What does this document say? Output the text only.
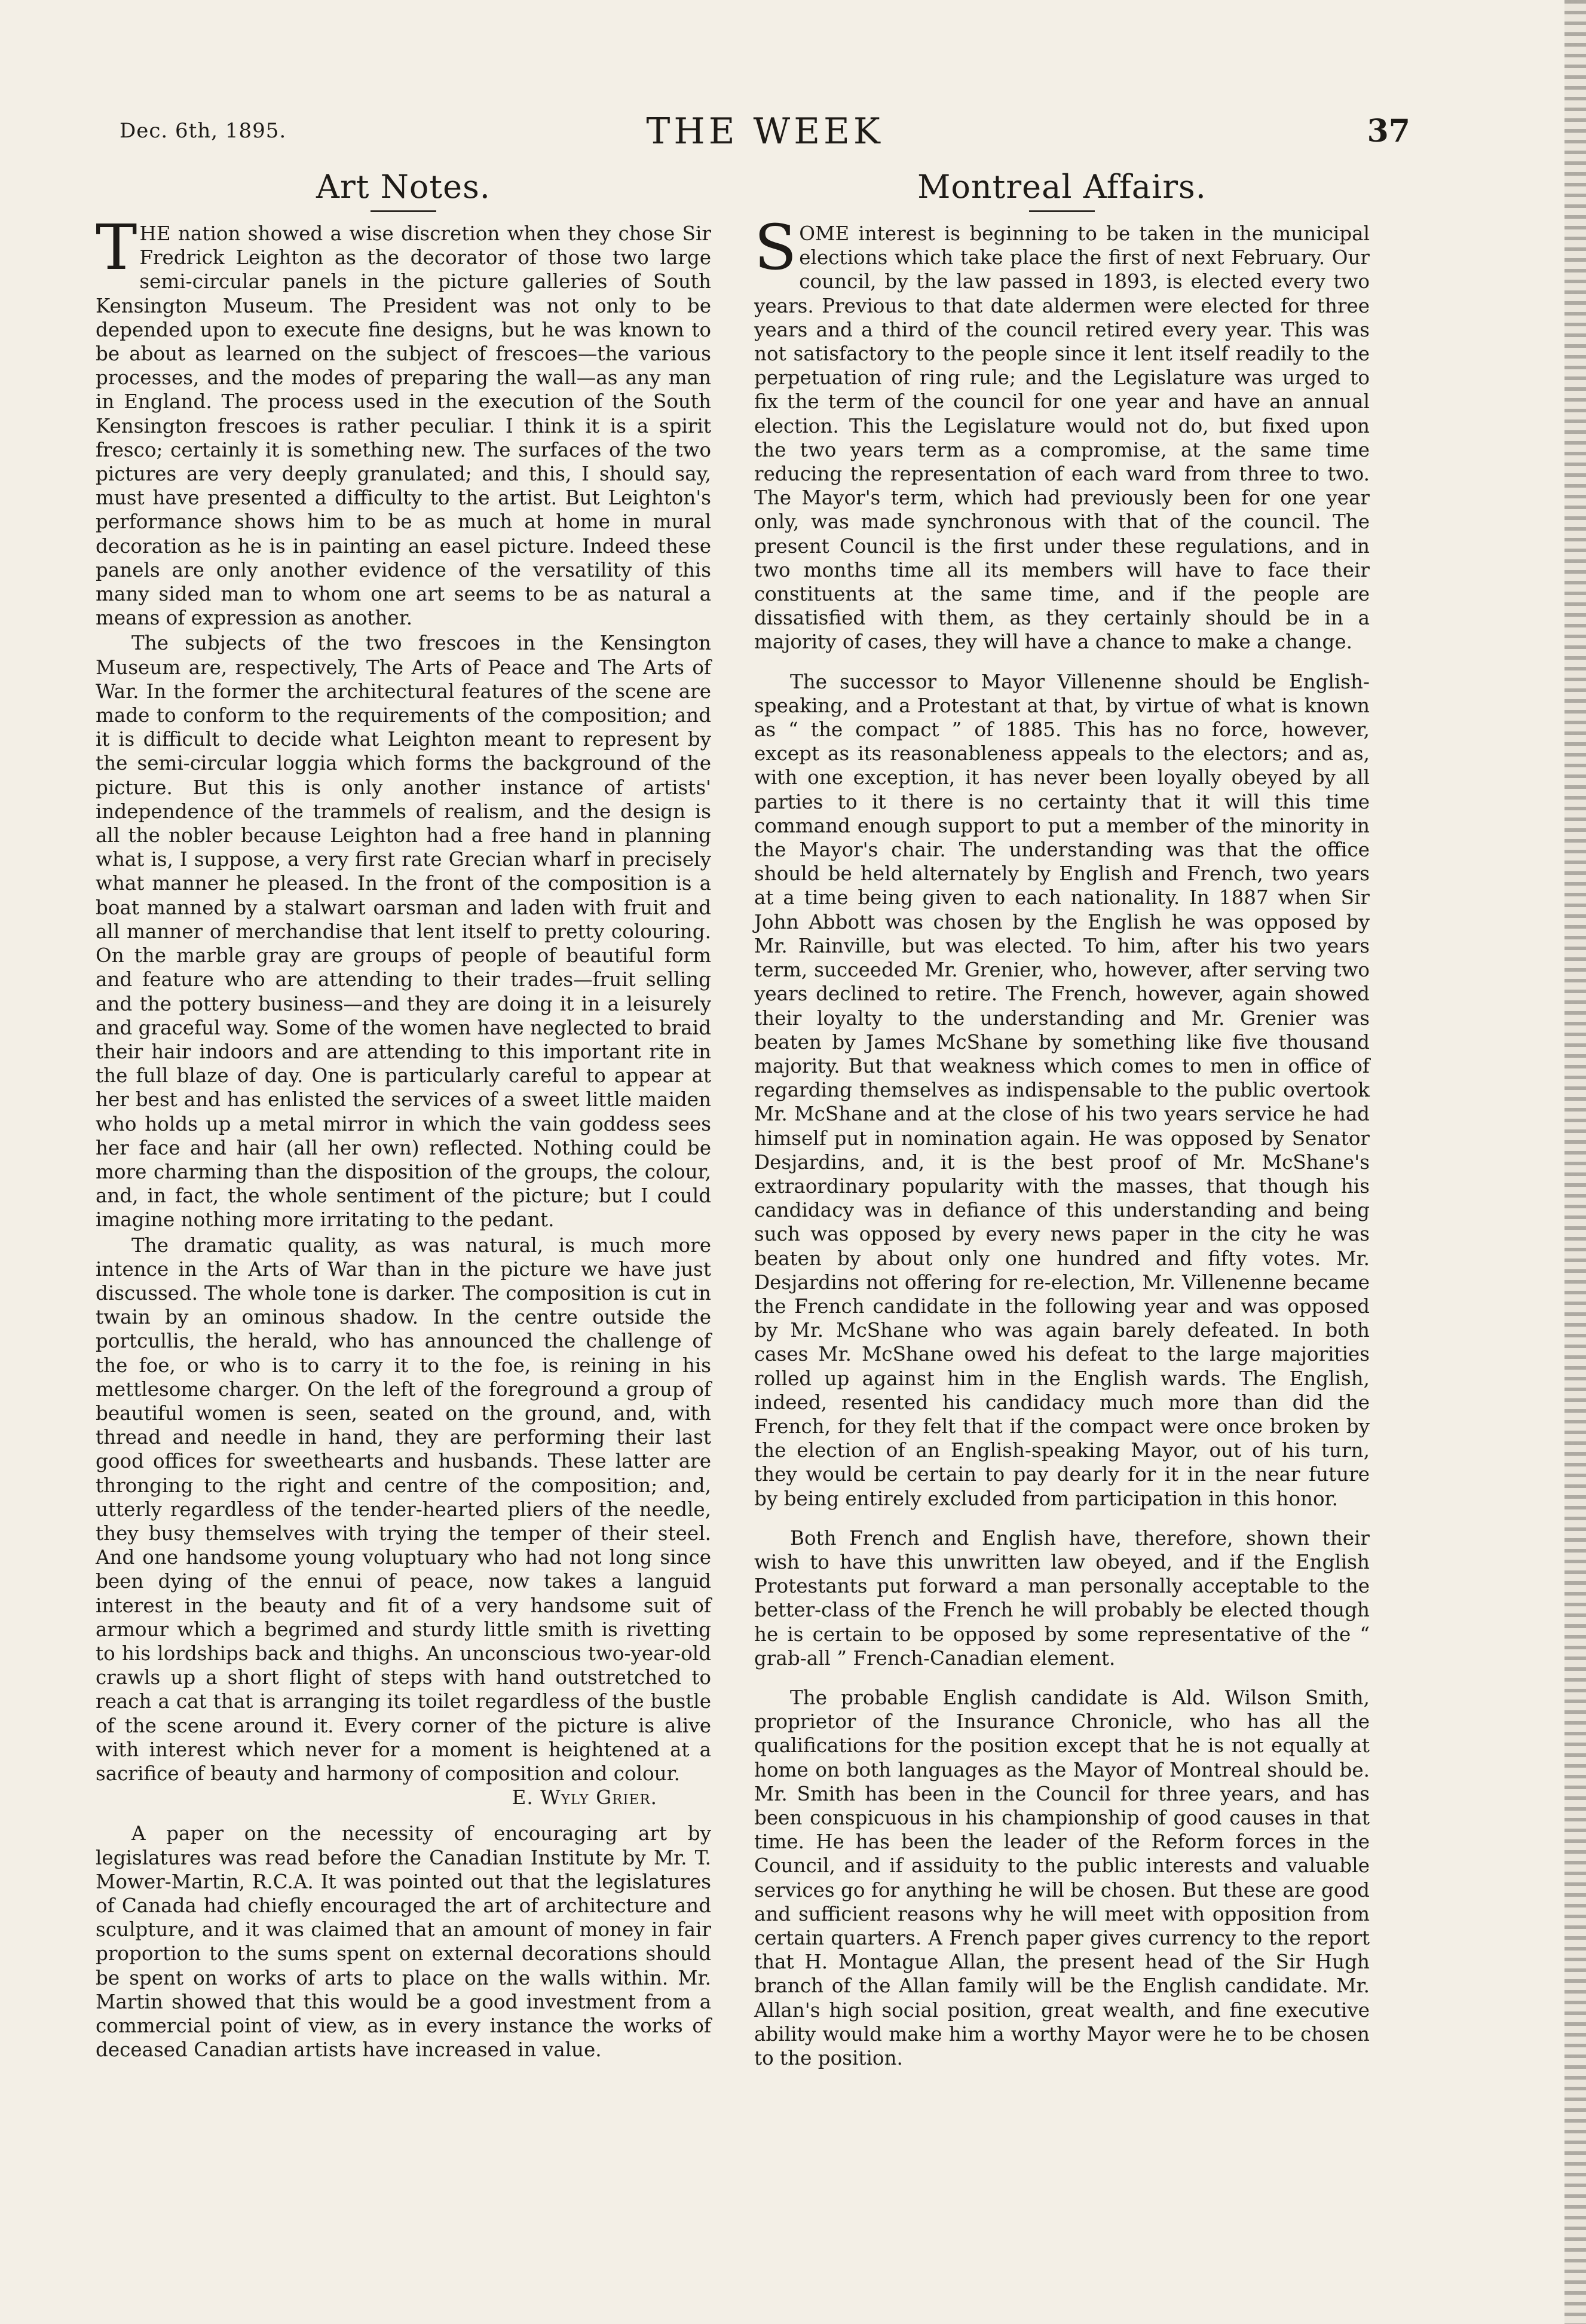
Dec. 6th, 1895.	THE WEEK	37
Art Notes.

THE nation showed a wise discretion when they chose Sir Fredrick Leighton as the decorator of those two large semi-circular panels in the picture galleries of South Kensington Museum. The President was not only to be depended upon to execute fine designs, but he was known to be about as learned on the subject of frescoes—the various processes, and the modes of preparing the wall—as any man in England. The process used in the execution of the South Kensington frescoes is rather peculiar. I think it is a spirit fresco; certainly it is something new. The surfaces of the two pictures are very deeply granulated; and this, I should say, must have presented a difficulty to the artist. But Leighton's performance shows him to be as much at home in mural decoration as he is in painting an easel picture. Indeed these panels are only another evidence of the versatility of this many sided man to whom one art seems to be as natural a means of expression as another.

The subjects of the two frescoes in the Kensington Museum are, respectively, The Arts of Peace and The Arts of War. In the former the architectural features of the scene are made to conform to the requirements of the composition; and it is difficult to decide what Leighton meant to represent by the semi-circular loggia which forms the background of the picture. But this is only another instance of artists' independence of the trammels of realism, and the design is all the nobler because Leighton had a free hand in planning what is, I suppose, a very first rate Grecian wharf in precisely what manner he pleased. In the front of the composition is a boat manned by a stalwart oarsman and laden with fruit and all manner of merchandise that lent itself to pretty colouring. On the marble gray are groups of people of beautiful form and feature who are attending to their trades—fruit selling and the pottery business—and they are doing it in a leisurely and graceful way. Some of the women have neglected to braid their hair indoors and are attending to this important rite in the full blaze of day. One is particularly careful to appear at her best and has enlisted the services of a sweet little maiden who holds up a metal mirror in which the vain goddess sees her face and hair (all her own) reflected. Nothing could be more charming than the disposition of the groups, the colour, and, in fact, the whole sentiment of the picture; but I could imagine nothing more irritating to the pedant.

The dramatic quality, as was natural, is much more intence in the Arts of War than in the picture we have just discussed. The whole tone is darker. The composition is cut in twain by an ominous shadow. In the centre outside the portcullis, the herald, who has announced the challenge of the foe, or who is to carry it to the foe, is reining in his mettlesome charger. On the left of the foreground a group of beautiful women is seen, seated on the ground, and, with thread and needle in hand, they are performing their last good offices for sweethearts and husbands. These latter are thronging to the right and centre of the composition; and, utterly regardless of the tender-hearted pliers of the needle, they busy themselves with trying the temper of their steel. And one handsome young voluptuary who had not long since been dying of the ennui of peace, now takes a languid interest in the beauty and fit of a very handsome suit of armour which a begrimed and sturdy little smith is rivetting to his lordships back and thighs. An unconscious two-year-old crawls up a short flight of steps with hand outstretched to reach a cat that is arranging its toilet regardless of the bustle of the scene around it. Every corner of the picture is alive with interest which never for a moment is heightened at a sacrifice of beauty and harmony of composition and colour.

E. Wyly Grier.

A paper on the necessity of encouraging art by legislatures was read before the Canadian Institute by Mr. T. Mower-Martin, R.C.A. It was pointed out that the legislatures of Canada had chiefly encouraged the art of architecture and sculpture, and it was claimed that an amount of money in fair proportion to the sums spent on external decorations should be spent on works of arts to place on the walls within. Mr. Martin showed that this would be a good investment from a commercial point of view, as in every instance the works of deceased Canadian artists have increased in value.

Montreal Affairs.

SOME interest is beginning to be taken in the municipal elections which take place the first of next February. Our council, by the law passed in 1893, is elected every two years. Previous to that date aldermen were elected for three years and a third of the council retired every year. This was not satisfactory to the people since it lent itself readily to the perpetuation of ring rule; and the Legislature was urged to fix the term of the council for one year and have an annual election. This the Legislature would not do, but fixed upon the two years term as a compromise, at the same time reducing the representation of each ward from three to two. The Mayor's term, which had previously been for one year only, was made synchronous with that of the council. The present Council is the first under these regulations, and in two months time all its members will have to face their constituents at the same time, and if the people are dissatisfied with them, as they certainly should be in a majority of cases, they will have a chance to make a change.

The successor to Mayor Villenenne should be English-speaking, and a Protestant at that, by virtue of what is known as “ the compact ” of 1885. This has no force, however, except as its reasonableness appeals to the electors; and as, with one exception, it has never been loyally obeyed by all parties to it there is no certainty that it will this time command enough support to put a member of the minority in the Mayor's chair. The understanding was that the office should be held alternately by English and French, two years at a time being given to each nationality. In 1887 when Sir John Abbott was chosen by the English he was opposed by Mr. Rainville, but was elected. To him, after his two years term, succeeded Mr. Grenier, who, however, after serving two years declined to retire. The French, however, again showed their loyalty to the understanding and Mr. Grenier was beaten by James McShane by something like five thousand majority. But that weakness which comes to men in office of regarding themselves as indispensable to the public overtook Mr. McShane and at the close of his two years service he had himself put in nomination again. He was opposed by Senator Desjardins, and, it is the best proof of Mr. McShane's extraordinary popularity with the masses, that though his candidacy was in defiance of this understanding and being such was opposed by every news paper in the city he was beaten by about only one hundred and fifty votes. Mr. Desjardins not offering for re-election, Mr. Villenenne became the French candidate in the following year and was opposed by Mr. McShane who was again barely defeated. In both cases Mr. McShane owed his defeat to the large majorities rolled up against him in the English wards. The English, indeed, resented his candidacy much more than did the French, for they felt that if the compact were once broken by the election of an English-speaking Mayor, out of his turn, they would be certain to pay dearly for it in the near future by being entirely excluded from participation in this honor.

Both French and English have, therefore, shown their wish to have this unwritten law obeyed, and if the English Protestants put forward a man personally acceptable to the better-class of the French he will probably be elected though he is certain to be opposed by some representative of the “ grab-all ” French-Canadian element.

The probable English candidate is Ald. Wilson Smith, proprietor of the Insurance Chronicle, who has all the qualifications for the position except that he is not equally at home on both languages as the Mayor of Montreal should be. Mr. Smith has been in the Council for three years, and has been conspicuous in his championship of good causes in that time. He has been the leader of the Reform forces in the Council, and if assiduity to the public interests and valuable services go for anything he will be chosen. But these are good and sufficient reasons why he will meet with opposition from certain quarters. A French paper gives currency to the report that H. Montague Allan, the present head of the Sir Hugh branch of the Allan family will be the English candidate. Mr. Allan's high social position, great wealth, and fine executive ability would make him a worthy Mayor were he to be chosen to the position.
